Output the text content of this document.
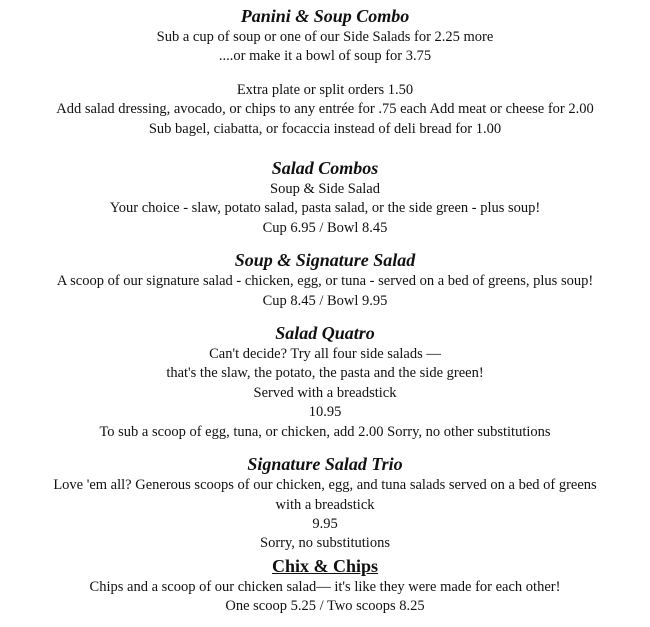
Panini & Soup Combo

Sub a cup of soup or one of our Side Salads for 2.25 more

....or make it a bowl of soup for 3.75

Extra plate or split orders 1.50

Add salad dressing, avocado, or chips to any entrée for .75 each Add meat or cheese for 2.00

Sub bagel, ciabatta, or focaccia instead of deli bread for 1.00

Salad Combos

Soup & Side Salad

Your choice - slaw, potato salad, pasta salad, or the side green - plus soup!

Cup 6.95 / Bowl 8.45

Soup & Signature Salad

A scoop of our signature salad - chicken, egg, or tuna - served on a bed of greens, plus soup!

Cup 8.45 / Bowl 9.95

Salad Quatro

Can't decide? Try all four side salads —

that's the slaw, the potato, the pasta and the side green!

Served with a breadstick

10.95

To sub a scoop of egg, tuna, or chicken, add 2.00 Sorry, no other substitutions

Signature Salad Trio

Love 'em all? Generous scoops of our chicken, egg, and tuna salads served on a bed of greens

with a breadstick

9.95

Sorry, no substitutions

Chix & Chips

Chips and a scoop of our chicken salad— it's like they were made for each other!

One scoop 5.25 / Two scoops 8.25
